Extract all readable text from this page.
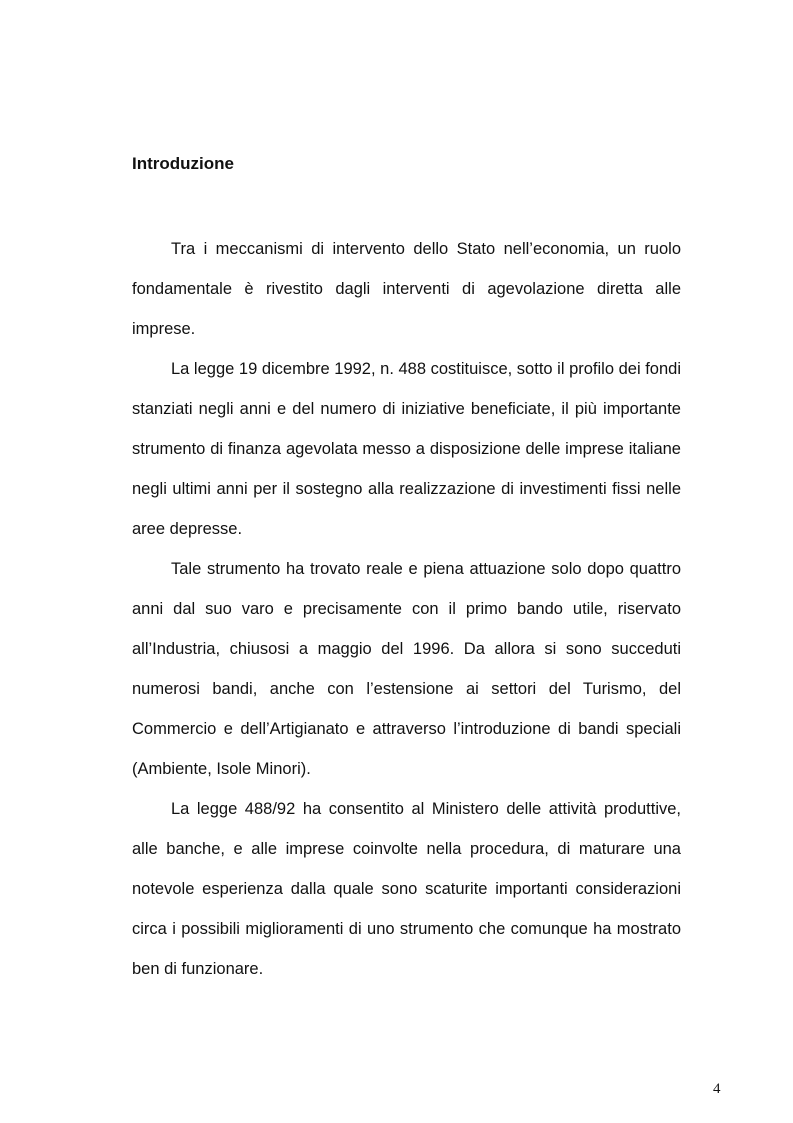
Introduzione

Tra i meccanismi di intervento dello Stato nell’economia, un ruolo fondamentale è rivestito dagli interventi di agevolazione diretta alle imprese.

La legge 19 dicembre 1992, n. 488 costituisce, sotto il profilo dei fondi stanziati negli anni e del numero di iniziative beneficiate, il più importante strumento di finanza agevolata messo a disposizione delle imprese italiane negli ultimi anni per il sostegno alla realizzazione di investimenti fissi nelle aree depresse.

Tale strumento ha trovato reale e piena attuazione solo dopo quattro anni dal suo varo e precisamente con il primo bando utile, riservato all’Industria, chiusosi a maggio del 1996. Da allora si sono succeduti numerosi bandi, anche con l’estensione ai settori del Turismo, del Commercio e dell’Artigianato e attraverso l’introduzione di bandi speciali (Ambiente, Isole Minori).

La legge 488/92 ha consentito al Ministero delle attività produttive, alle banche, e alle imprese coinvolte nella procedura, di maturare una notevole esperienza dalla quale sono scaturite importanti considerazioni circa i possibili miglioramenti di uno strumento che comunque ha mostrato ben di funzionare.

4
